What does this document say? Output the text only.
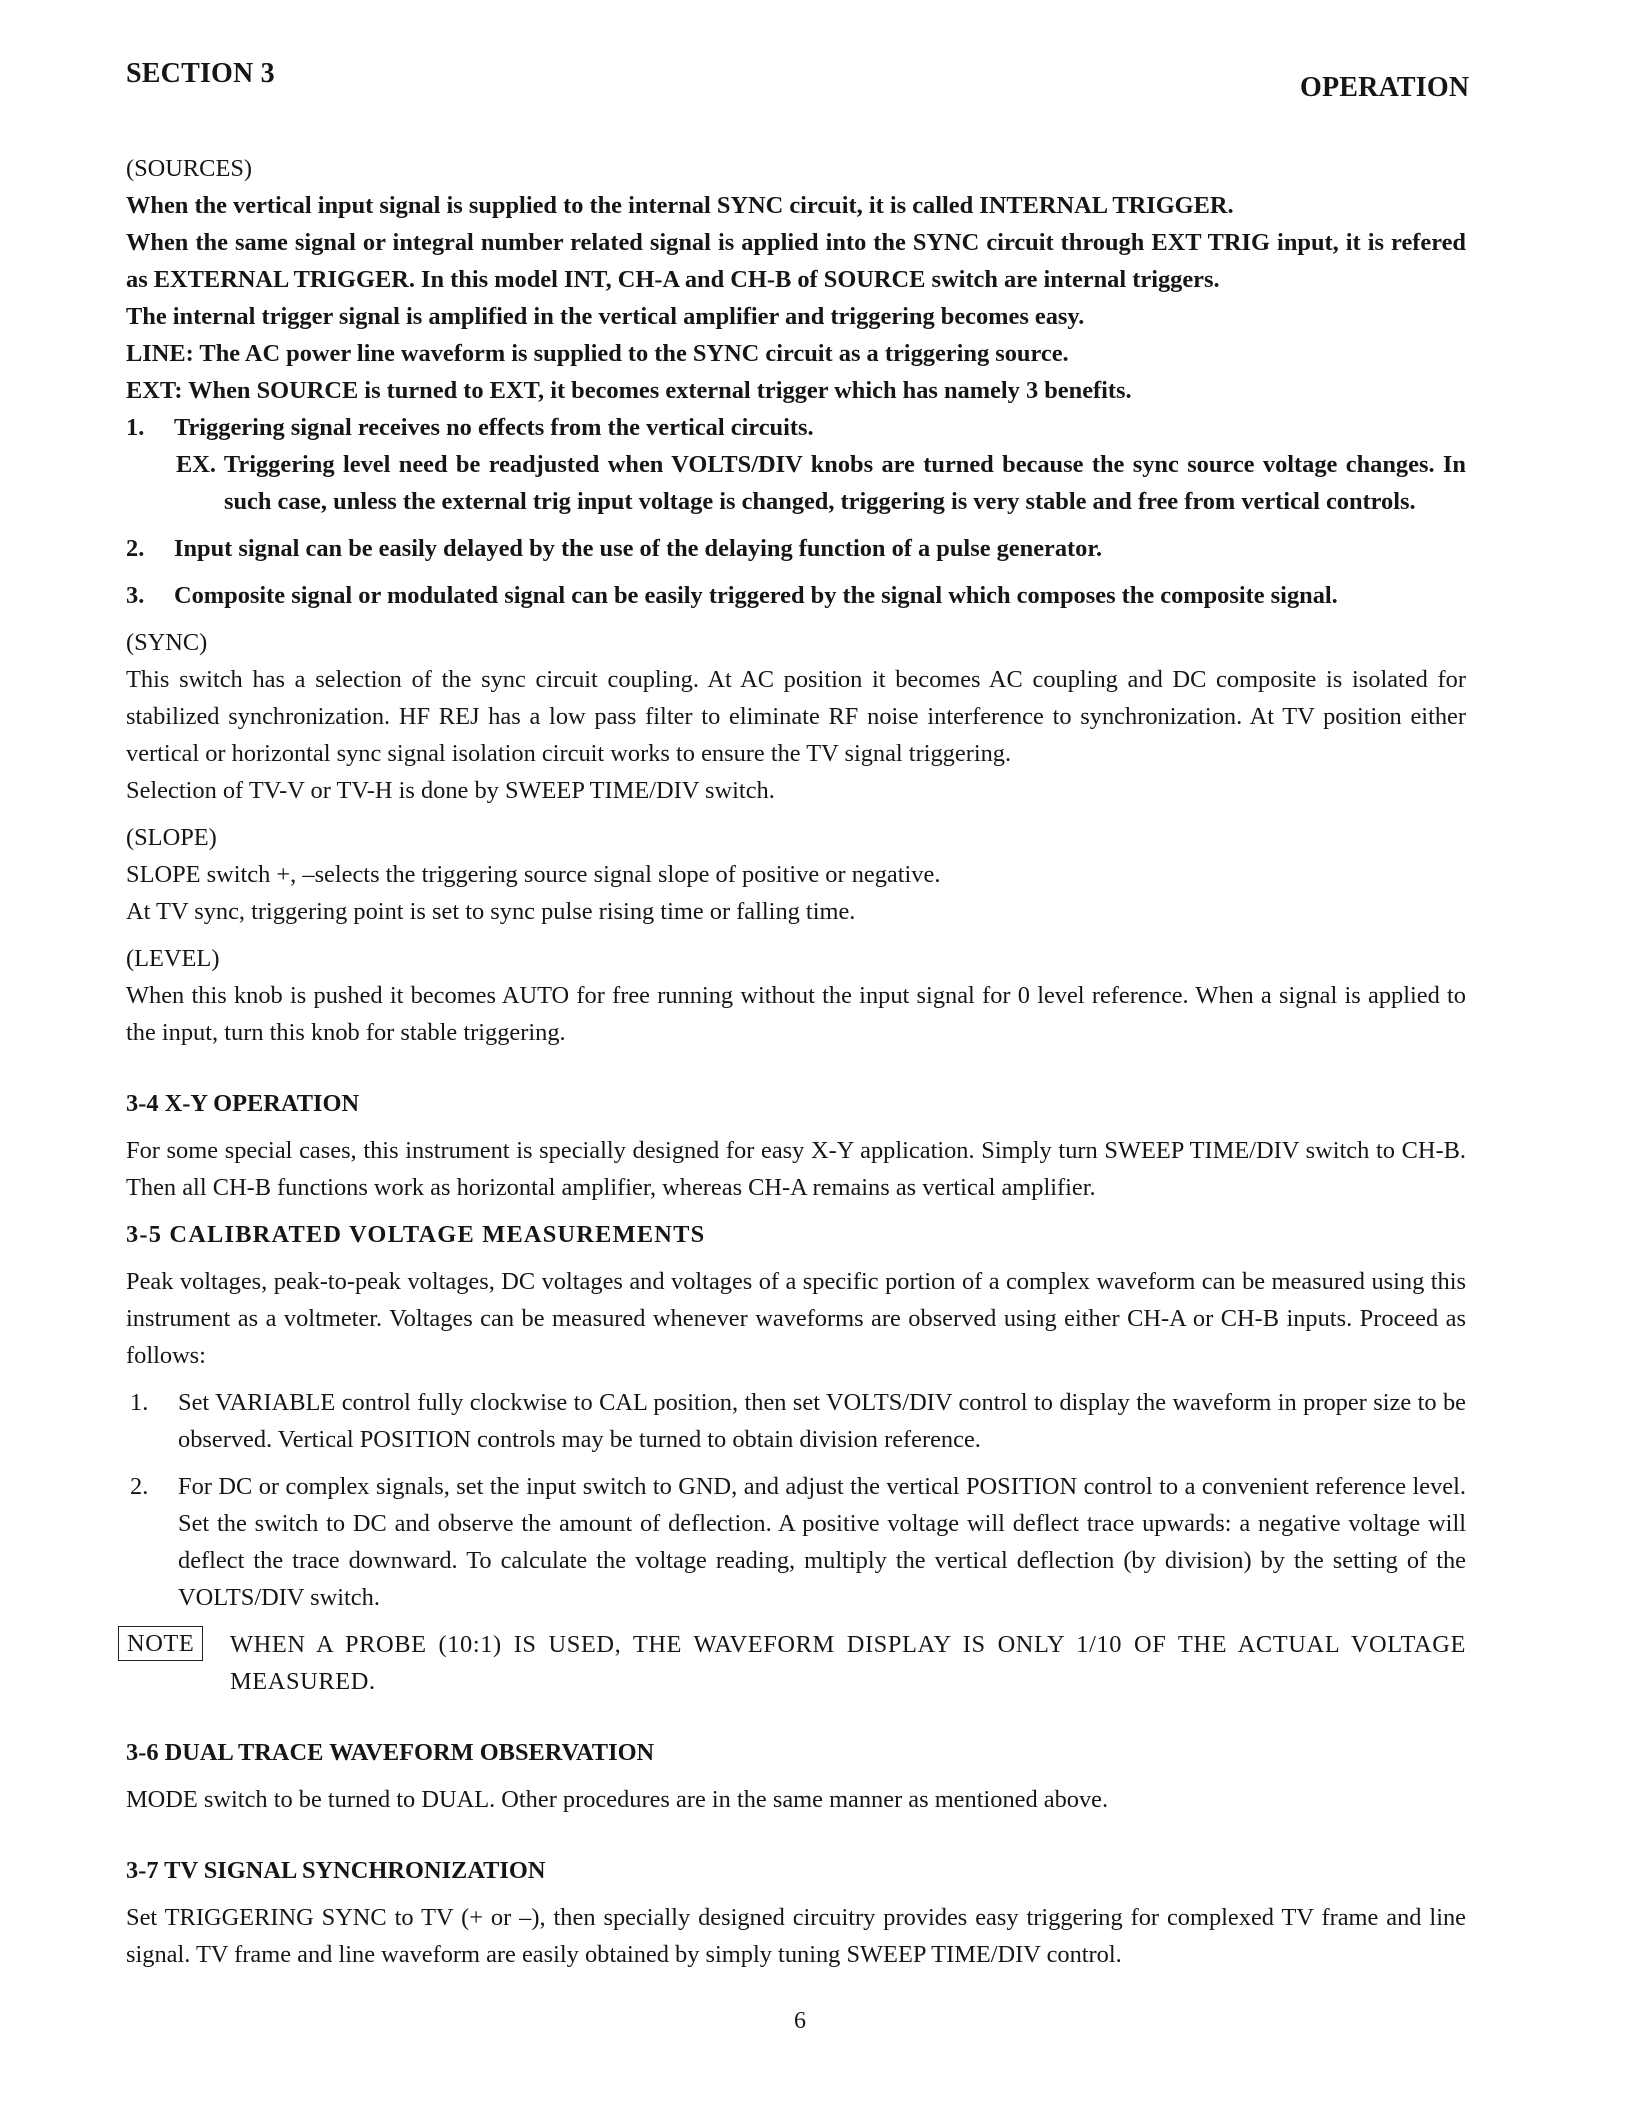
SECTION 3	OPERATION

(SOURCES)

When the vertical input signal is supplied to the internal SYNC circuit, it is called INTERNAL TRIGGER.

When the same signal or integral number related signal is applied into the SYNC circuit through EXT TRIG input, it is refered as EXTERNAL TRIGGER. In this model INT, CH-A and CH-B of SOURCE switch are internal triggers.

The internal trigger signal is amplified in the vertical amplifier and triggering becomes easy.

LINE: The AC power line waveform is supplied to the SYNC circuit as a triggering source.

EXT: When SOURCE is turned to EXT, it becomes external trigger which has namely 3 benefits.

1. Triggering signal receives no effects from the vertical circuits.

EX. Triggering level need be readjusted when VOLTS/DIV knobs are turned because the sync source voltage changes. In such case, unless the external trig input voltage is changed, triggering is very stable and free from vertical controls.

2. Input signal can be easily delayed by the use of the delaying function of a pulse generator.

3. Composite signal or modulated signal can be easily triggered by the signal which composes the composite signal.

(SYNC)

This switch has a selection of the sync circuit coupling. At AC position it becomes AC coupling and DC composite is isolated for stabilized synchronization. HF REJ has a low pass filter to eliminate RF noise interference to synchronization. At TV position either vertical or horizontal sync signal isolation circuit works to ensure the TV signal triggering.

Selection of TV-V or TV-H is done by SWEEP TIME/DIV switch.

(SLOPE)

SLOPE switch +, –selects the triggering source signal slope of positive or negative.

At TV sync, triggering point is set to sync pulse rising time or falling time.

(LEVEL)

When this knob is pushed it becomes AUTO for free running without the input signal for 0 level reference. When a signal is applied to the input, turn this knob for stable triggering.

3-4 X-Y OPERATION

For some special cases, this instrument is specially designed for easy X-Y application. Simply turn SWEEP TIME/DIV switch to CH-B. Then all CH-B functions work as horizontal amplifier, whereas CH-A remains as vertical amplifier.

3-5 CALIBRATED VOLTAGE MEASUREMENTS

Peak voltages, peak-to-peak voltages, DC voltages and voltages of a specific portion of a complex waveform can be measured using this instrument as a voltmeter. Voltages can be measured whenever waveforms are observed using either CH-A or CH-B inputs. Proceed as follows:

1. Set VARIABLE control fully clockwise to CAL position, then set VOLTS/DIV control to display the waveform in proper size to be observed. Vertical POSITION controls may be turned to obtain division reference.

2. For DC or complex signals, set the input switch to GND, and adjust the vertical POSITION control to a convenient reference level. Set the switch to DC and observe the amount of deflection. A positive voltage will deflect trace upwards: a negative voltage will deflect the trace downward. To calculate the voltage reading, multiply the vertical deflection (by division) by the setting of the VOLTS/DIV switch.

NOTE	WHEN A PROBE (10:1) IS USED, THE WAVEFORM DISPLAY IS ONLY 1/10 OF THE ACTUAL VOLTAGE MEASURED.

3-6 DUAL TRACE WAVEFORM OBSERVATION

MODE switch to be turned to DUAL. Other procedures are in the same manner as mentioned above.

3-7 TV SIGNAL SYNCHRONIZATION

Set TRIGGERING SYNC to TV (+ or –), then specially designed circuitry provides easy triggering for complexed TV frame and line signal. TV frame and line waveform are easily obtained by simply tuning SWEEP TIME/DIV control.

6
